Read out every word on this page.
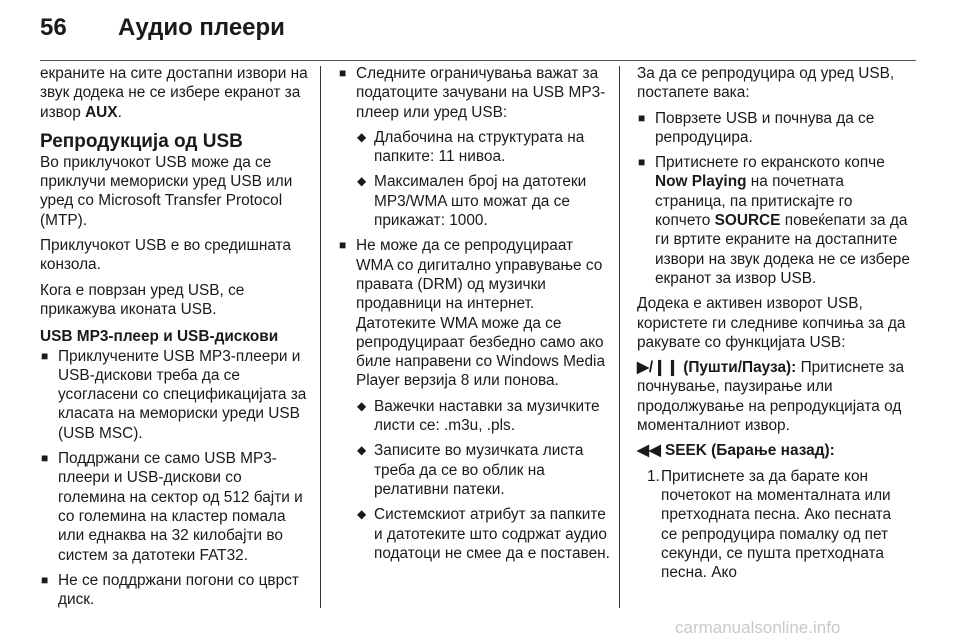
56 Аудио плеери

екраните на сите достапни извори на звук додека не се избере екранот за извор AUX.

Репродукција од USB

Во приклучокот USB може да се приклучи мемориски уред USB или уред со Microsoft Transfer Protocol (MTP).

Приклучокот USB е во средишната конзола.

Кога е поврзан уред USB, се прикажува иконата USB.

USB MP3-плеер и USB-дискови
■ Приклучените USB MP3-плеери и USB-дискови треба да се усогласени со спецификацијата за класата на мемориски уреди USB (USB MSC).
■ Поддржани се само USB MP3-плеери и USB-дискови со големина на сектор од 512 бајти и со големина на кластер помала или еднаква на 32 килобајти во систем за датотеки FAT32.
■ Не се поддржани погони со цврст диск.
■ Следните ограничувања важат за податоците зачувани на USB MP3-плеер или уред USB:
◆ Длабочина на структурата на папките: 11 нивоа.
◆ Максимален број на датотеки MP3/WMA што можат да се прикажат: 1000.
■ Не може да се репродуцираат WMA со дигитално управување со правата (DRM) од музички продавници на интернет. Датотеките WMA може да се репродуцираат безбедно само ако биле направени со Windows Media Player верзија 8 или понова.
◆ Важечки наставки за музичките листи се: .m3u, .pls.
◆ Записите во музичката листа треба да се во облик на релативни патеки.
◆ Системскиот атрибут за папките и датотеките што содржат аудио податоци не смее да е поставен.

За да се репродуцира од уред USB, постапете вака:

■ Поврзете USB и почнува да се репродуцира.
■ Притиснете го екранското копче Now Playing на почетната страница, па притискајте го копчето SOURCE повеќепати за да ги вртите екраните на достапните извори на звук додека не се избере екранот за извор USB.

Додека е активен изворот USB, користете ги следниве копчиња за да ракувате со функцијата USB:

▶/❙❙ (Пушти/Пауза): Притиснете за почнување, паузирање или продолжување на репродукцијата од моменталниот извор.

◀◀ SEEK (Барање назад):

1. Притиснете за да барате кон почетокот на моменталната или претходната песна. Ако песната се репродуцира помалку од пет секунди, се пушта претходната песна. Ако
carmanualsonline.info
